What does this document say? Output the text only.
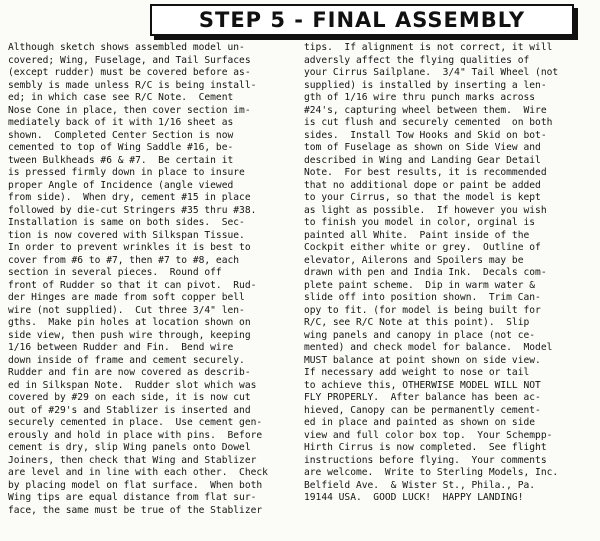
STEP 5 - FINAL ASSEMBLY
Although sketch shows assembled model un-
covered; Wing, Fuselage, and Tail Surfaces
(except rudder) must be covered before as-
sembly is made unless R/C is being install-
ed; in which case see R/C Note.  Cement
Nose Cone in place, then cover section im-
mediately back of it with 1/16 sheet as
shown.  Completed Center Section is now
cemented to top of Wing Saddle #16, be-
tween Bulkheads #6 & #7.  Be certain it
is pressed firmly down in place to insure
proper Angle of Incidence (angle viewed
from side).  When dry, cement #15 in place
followed by die-cut Stringers #35 thru #38.
Installation is same on both sides.  Sec-
tion is now covered with Silkspan Tissue.
In order to prevent wrinkles it is best to
cover from #6 to #7, then #7 to #8, each
section in several pieces.  Round off
front of Rudder so that it can pivot.  Rud-
der Hinges are made from soft copper bell
wire (not supplied).  Cut three 3/4" len-
gths.  Make pin holes at location shown on
side view, then push wire through, keeping
1/16 between Rudder and Fin.  Bend wire
down inside of frame and cement securely.
Rudder and fin are now covered as describ-
ed in Silkspan Note.  Rudder slot which was
covered by #29 on each side, it is now cut
out of #29's and Stablizer is inserted and
securely cemented in place.  Use cement gen-
erously and hold in place with pins.  Before
cement is dry, slip Wing panels onto Dowel
Joiners, then check that Wing and Stablizer
are level and in line with each other.  Check
by placing model on flat surface.  When both
Wing tips are equal distance from flat sur-
face, the same must be true of the Stablizer
tips.  If alignment is not correct, it will
adversly affect the flying qualities of
your Cirrus Sailplane.  3/4" Tail Wheel (not
supplied) is installed by inserting a len-
gth of 1/16 wire thru punch marks across
#24's, capturing wheel between them.  Wire
is cut flush and securely cemented  on both
sides.  Install Tow Hooks and Skid on bot-
tom of Fuselage as shown on Side View and
described in Wing and Landing Gear Detail
Note.  For best results, it is recommended
that no additional dope or paint be added
to your Cirrus, so that the model is kept
as light as possible.  If however you wish
to finish you model in color, orginal is
painted all White.  Paint inside of the
Cockpit either white or grey.  Outline of
elevator, Ailerons and Spoilers may be
drawn with pen and India Ink.  Decals com-
plete paint scheme.  Dip in warm water &
slide off into position shown.  Trim Can-
opy to fit. (for model is being built for
R/C, see R/C Note at this point).  Slip
wing panels and canopy in place (not ce-
mented) and check model for balance.  Model
MUST balance at point shown on side view.
If necessary add weight to nose or tail
to achieve this, OTHERWISE MODEL WILL NOT
FLY PROPERLY.  After balance has been ac-
hieved, Canopy can be permanently cement-
ed in place and painted as shown on side
view and full color box top.  Your Schempp-
Hirth Cirrus is now completed.  See flight
instructions before flying.  Your comments
are welcome.  Write to Sterling Models, Inc.
Belfield Ave.  & Wister St., Phila., Pa.
19144 USA.  GOOD LUCK!  HAPPY LANDING!
